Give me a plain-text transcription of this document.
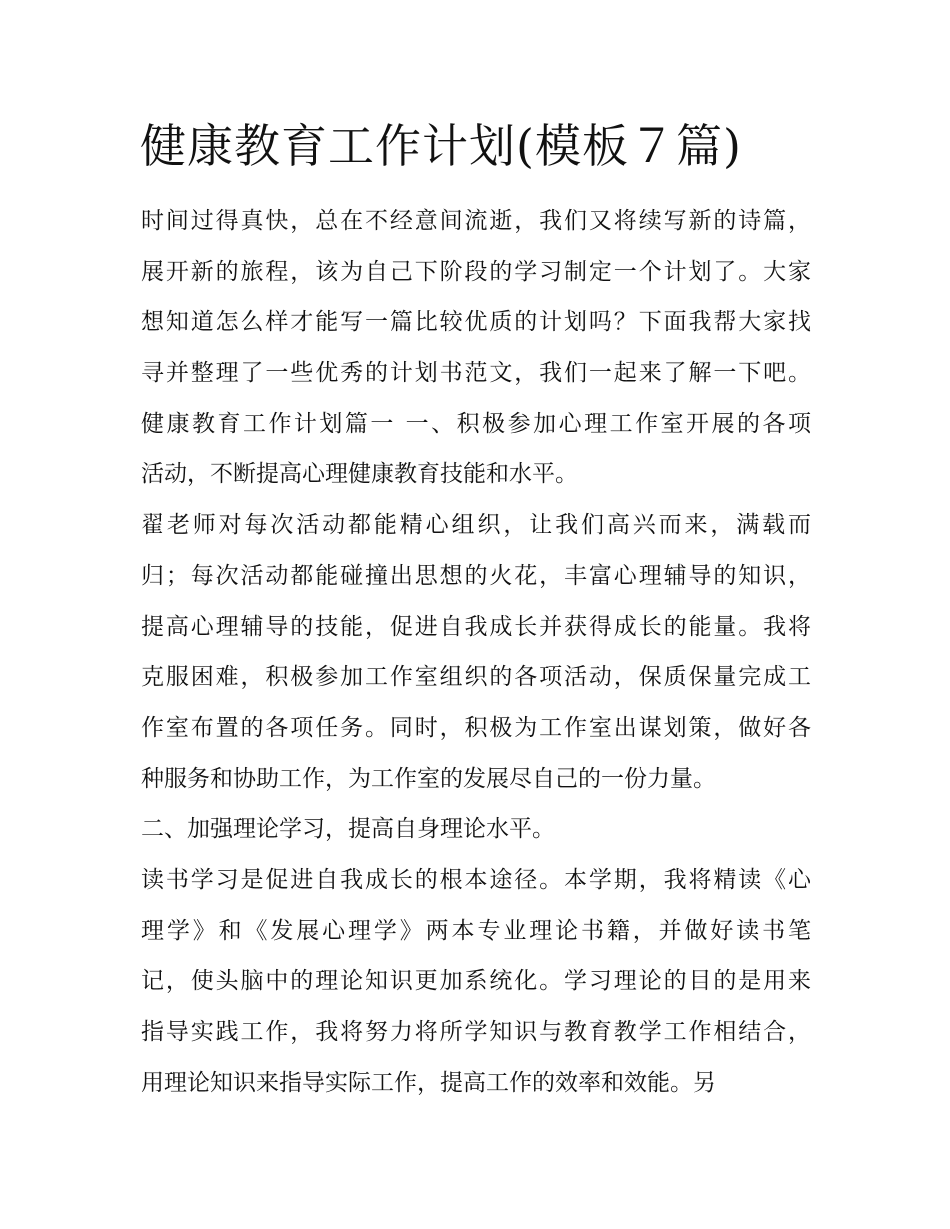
健康教育工作计划(模板７篇)
时间过得真快，总在不经意间流逝，我们又将续写新的诗篇，
展开新的旅程，该为自己下阶段的学习制定一个计划了。大家
想知道怎么样才能写一篇比较优质的计划吗？下面我帮大家找
寻并整理了一些优秀的计划书范文，我们一起来了解一下吧。
健康教育工作计划篇一 一、积极参加心理工作室开展的各项
活动，不断提高心理健康教育技能和水平。
翟老师对每次活动都能精心组织，让我们高兴而来，满载而
归；每次活动都能碰撞出思想的火花，丰富心理辅导的知识，
提高心理辅导的技能，促进自我成长并获得成长的能量。我将
克服困难，积极参加工作室组织的各项活动，保质保量完成工
作室布置的各项任务。同时，积极为工作室出谋划策，做好各
种服务和协助工作，为工作室的发展尽自己的一份力量。
二、加强理论学习，提高自身理论水平。
读书学习是促进自我成长的根本途径。本学期，我将精读《心
理学》和《发展心理学》两本专业理论书籍，并做好读书笔
记，使头脑中的理论知识更加系统化。学习理论的目的是用来
指导实践工作，我将努力将所学知识与教育教学工作相结合，
用理论知识来指导实际工作，提高工作的效率和效能。另
